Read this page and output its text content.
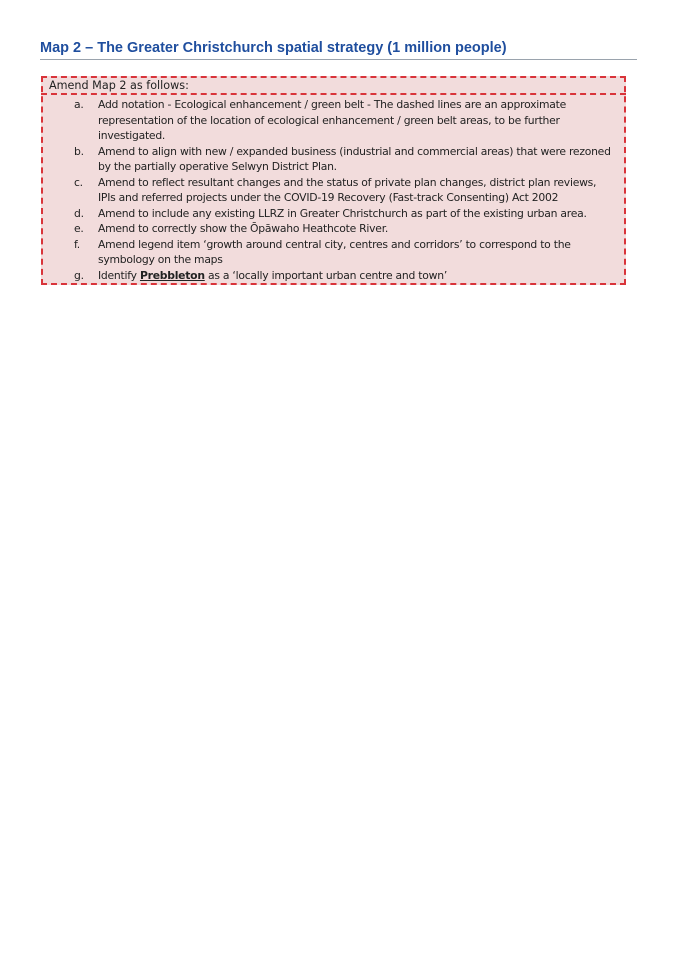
Map 2 – The Greater Christchurch spatial strategy (1 million people)
Amend Map 2 as follows:
a. Add notation - Ecological enhancement / green belt - The dashed lines are an approximate representation of the location of ecological enhancement / green belt areas, to be further investigated.
b. Amend to align with new / expanded business (industrial and commercial areas) that were rezoned by the partially operative Selwyn District Plan.
c. Amend to reflect resultant changes and the status of private plan changes, district plan reviews, IPIs and referred projects under the COVID-19 Recovery (Fast-track Consenting) Act 2002
d. Amend to include any existing LLRZ in Greater Christchurch as part of the existing urban area.
e. Amend to correctly show the Ōpāwaho Heathcote River.
f. Amend legend item ‘growth around central city, centres and corridors’ to correspond to the symbology on the maps
g. Identify Prebbleton as a ‘locally important urban centre and town’
